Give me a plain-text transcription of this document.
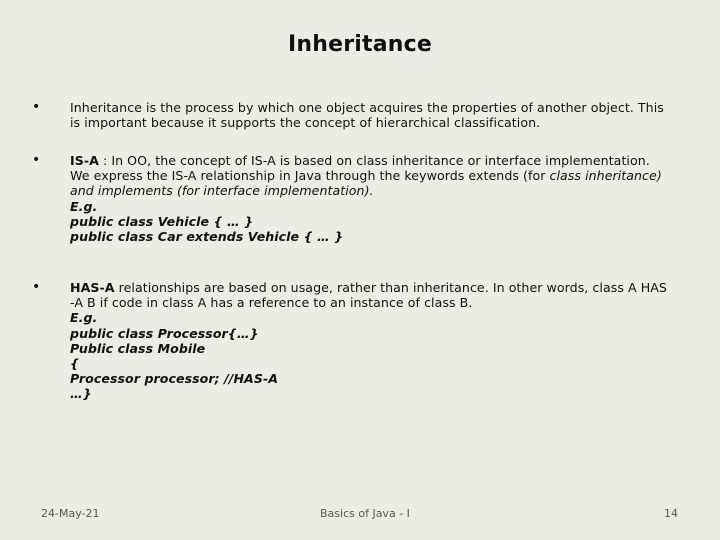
Inheritance
• Inheritance is the process by which one object acquires the properties of another object. This
is important because it supports the concept of hierarchical classification.
• IS-A : In OO, the concept of IS-A is based on class inheritance or interface implementation.
We express the IS-A relationship in Java through the keywords extends (for class inheritance)
and implements (for interface implementation).
E.g.
public class Vehicle { … }
public class Car extends Vehicle { … }
• HAS-A relationships are based on usage, rather than inheritance. In other words, class A HAS
-A B if code in class A has a reference to an instance of class B.
E.g.
public class Processor{…}
Public class Mobile
{
Processor processor; //HAS-A
…}
24-May-21	Basics of Java - I	14
